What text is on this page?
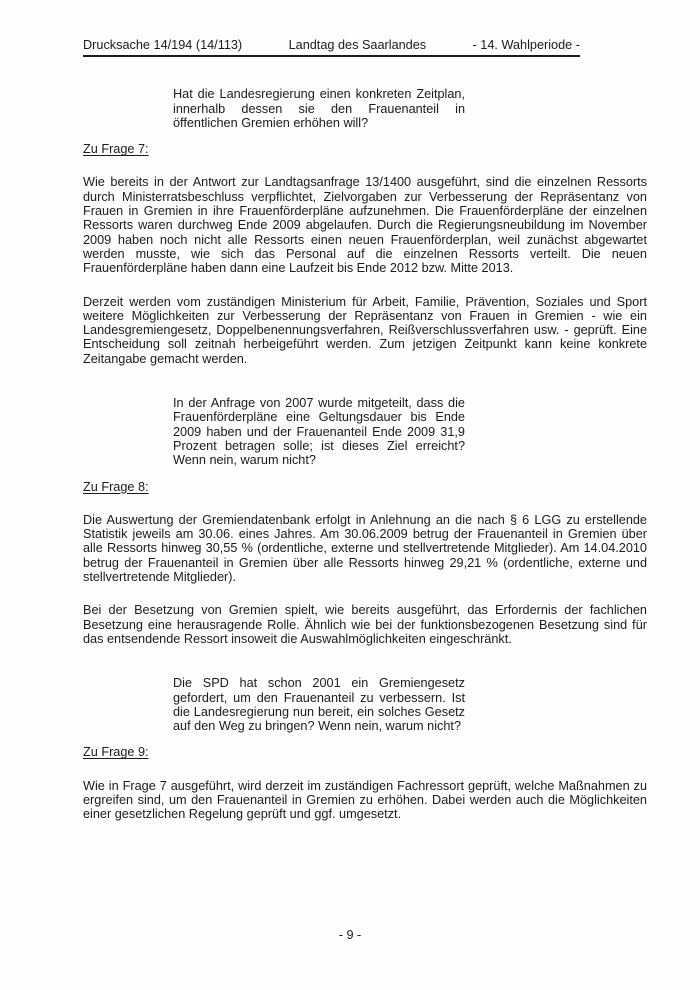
Drucksache 14/194 (14/113)	Landtag des Saarlandes	- 14. Wahlperiode -

Hat die Landesregierung einen konkreten Zeitplan, innerhalb dessen sie den Frauenanteil in öffentlichen Gremien erhöhen will?

Zu Frage 7:

Wie bereits in der Antwort zur Landtagsanfrage 13/1400 ausgeführt, sind die einzelnen Ressorts durch Ministerratsbeschluss verpflichtet, Zielvorgaben zur Verbesserung der Repräsentanz von Frauen in Gremien in ihre Frauenförderpläne aufzunehmen. Die Frauenförderpläne der einzelnen Ressorts waren durchweg Ende 2009 abgelaufen. Durch die Regierungsneubildung im November 2009 haben noch nicht alle Ressorts einen neuen Frauenförderplan, weil zunächst abgewartet werden musste, wie sich das Personal auf die einzelnen Ressorts verteilt. Die neuen Frauenförderpläne haben dann eine Laufzeit bis Ende 2012 bzw. Mitte 2013.

Derzeit werden vom zuständigen Ministerium für Arbeit, Familie, Prävention, Soziales und Sport weitere Möglichkeiten zur Verbesserung der Repräsentanz von Frauen in Gremien - wie ein Landesgremiengesetz, Doppelbenennungsverfahren, Reißverschlussverfahren usw. - geprüft. Eine Entscheidung soll zeitnah herbeigeführt werden. Zum jetzigen Zeitpunkt kann keine konkrete Zeitangabe gemacht werden.

In der Anfrage von 2007 wurde mitgeteilt, dass die Frauenförderpläne eine Geltungsdauer bis Ende 2009 haben und der Frauenanteil Ende 2009 31,9 Prozent betragen solle; ist dieses Ziel erreicht? Wenn nein, warum nicht?

Zu Frage 8:

Die Auswertung der Gremiendatenbank erfolgt in Anlehnung an die nach § 6 LGG zu erstellende Statistik jeweils am 30.06. eines Jahres. Am 30.06.2009 betrug der Frauenanteil in Gremien über alle Ressorts hinweg 30,55 % (ordentliche, externe und stellvertretende Mitglieder). Am 14.04.2010 betrug der Frauenanteil in Gremien über alle Ressorts hinweg 29,21 % (ordentliche, externe und stellvertretende Mitglieder).

Bei der Besetzung von Gremien spielt, wie bereits ausgeführt, das Erfordernis der fachlichen Besetzung eine herausragende Rolle. Ähnlich wie bei der funktionsbezogenen Besetzung sind für das entsendende Ressort insoweit die Auswahlmöglichkeiten eingeschränkt.

Die SPD hat schon 2001 ein Gremiengesetz gefordert, um den Frauenanteil zu verbessern. Ist die Landesregierung nun bereit, ein solches Gesetz auf den Weg zu bringen? Wenn nein, warum nicht?

Zu Frage 9:

Wie in Frage 7 ausgeführt, wird derzeit im zuständigen Fachressort geprüft, welche Maßnahmen zu ergreifen sind, um den Frauenanteil in Gremien zu erhöhen. Dabei werden auch die Möglichkeiten einer gesetzlichen Regelung geprüft und ggf. umgesetzt.

- 9 -
